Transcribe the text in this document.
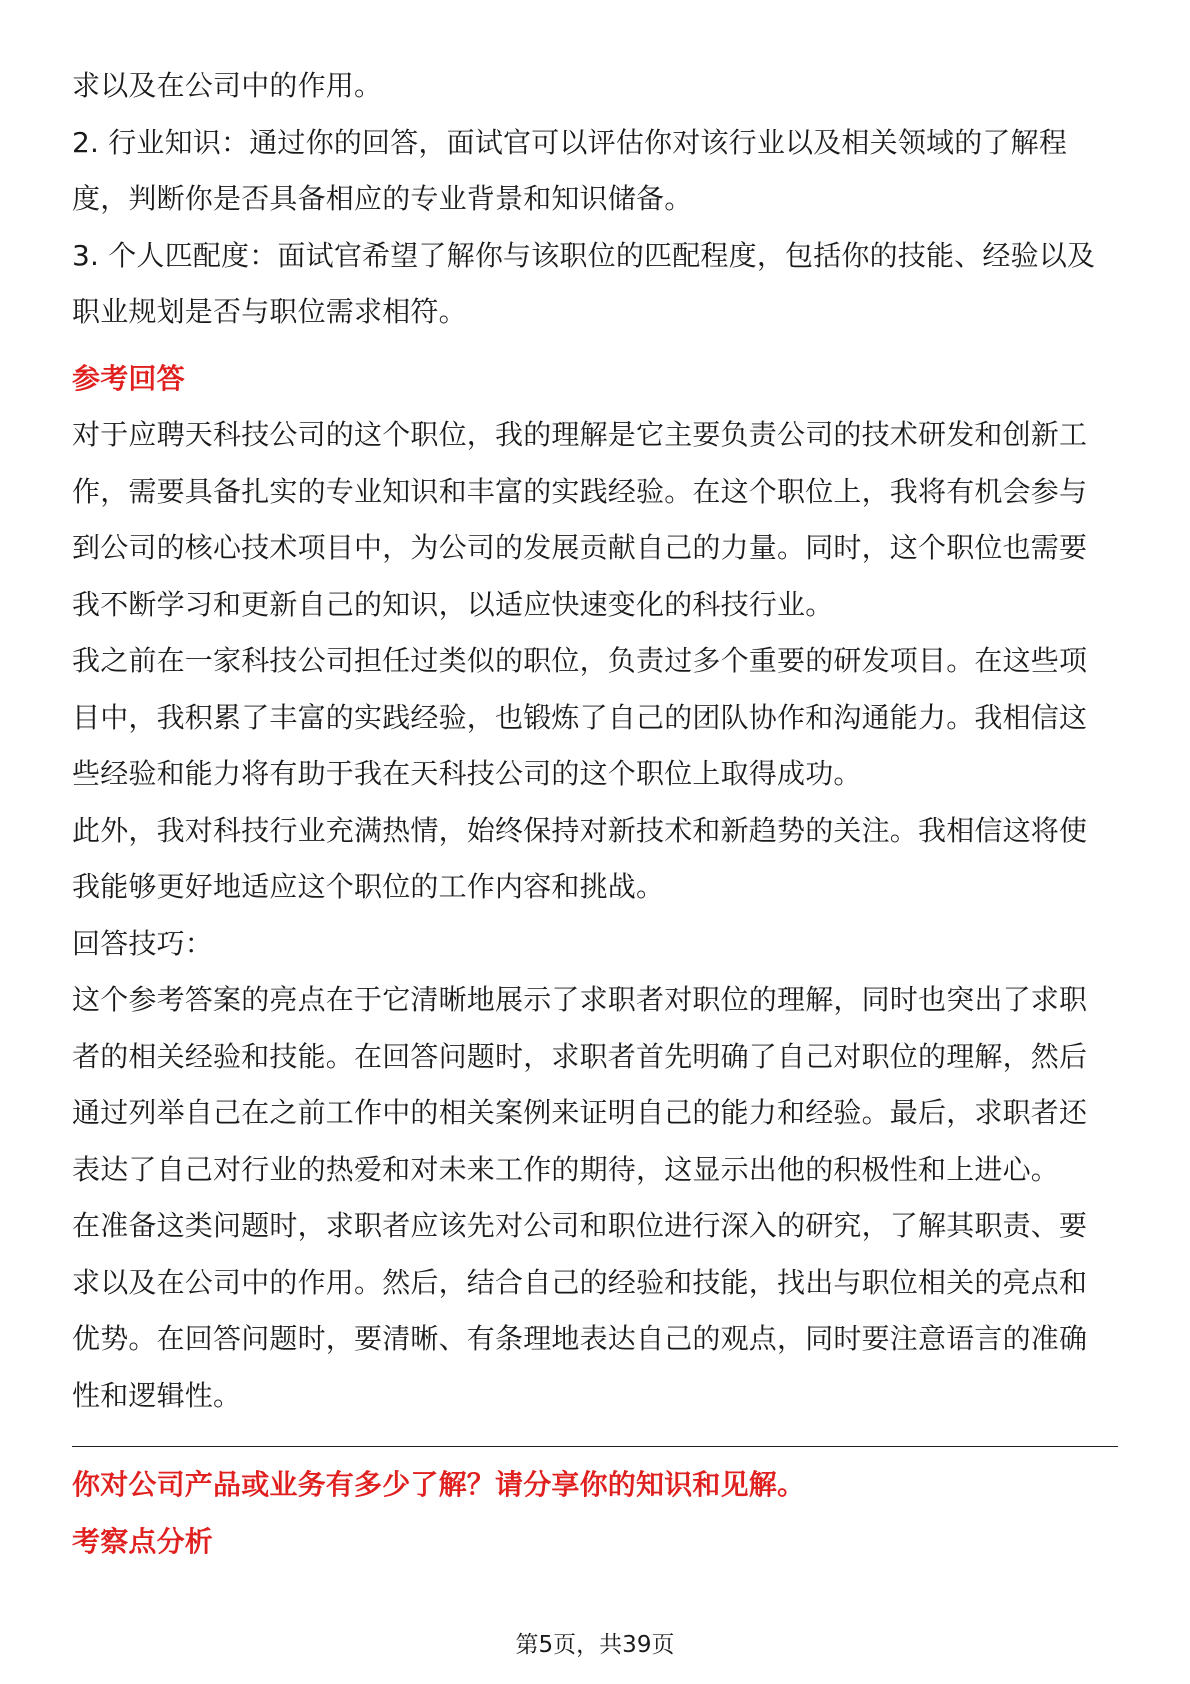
求以及在公司中的作用。
2. 行业知识：通过你的回答，面试官可以评估你对该行业以及相关领域的了解程
度，判断你是否具备相应的专业背景和知识储备。
3. 个人匹配度：面试官希望了解你与该职位的匹配程度，包括你的技能、经验以及
职业规划是否与职位需求相符。
参考回答
对于应聘天科技公司的这个职位，我的理解是它主要负责公司的技术研发和创新工
作，需要具备扎实的专业知识和丰富的实践经验。在这个职位上，我将有机会参与
到公司的核心技术项目中，为公司的发展贡献自己的力量。同时，这个职位也需要
我不断学习和更新自己的知识，以适应快速变化的科技行业。
我之前在一家科技公司担任过类似的职位，负责过多个重要的研发项目。在这些项
目中，我积累了丰富的实践经验，也锻炼了自己的团队协作和沟通能力。我相信这
些经验和能力将有助于我在天科技公司的这个职位上取得成功。
此外，我对科技行业充满热情，始终保持对新技术和新趋势的关注。我相信这将使
我能够更好地适应这个职位的工作内容和挑战。
回答技巧：
这个参考答案的亮点在于它清晰地展示了求职者对职位的理解，同时也突出了求职
者的相关经验和技能。在回答问题时，求职者首先明确了自己对职位的理解，然后
通过列举自己在之前工作中的相关案例来证明自己的能力和经验。最后，求职者还
表达了自己对行业的热爱和对未来工作的期待，这显示出他的积极性和上进心。
在准备这类问题时，求职者应该先对公司和职位进行深入的研究，了解其职责、要
求以及在公司中的作用。然后，结合自己的经验和技能，找出与职位相关的亮点和
优势。在回答问题时，要清晰、有条理地表达自己的观点，同时要注意语言的准确
性和逻辑性。
你对公司产品或业务有多少了解？请分享你的知识和见解。
考察点分析
第5页，共39页
